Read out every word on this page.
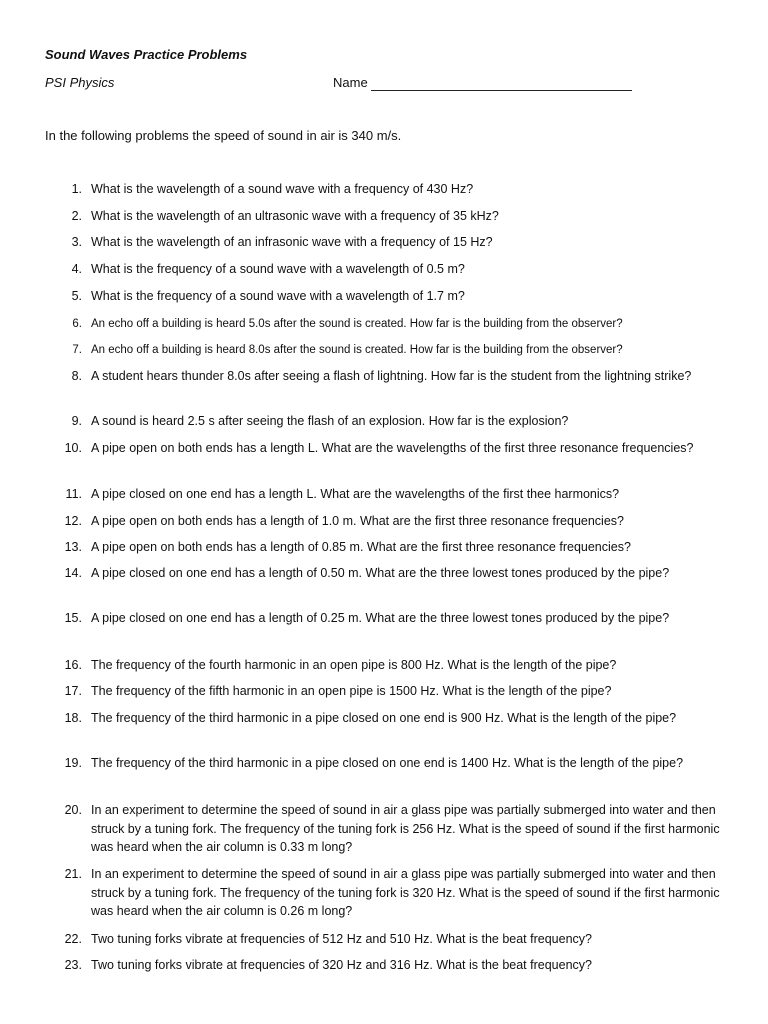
Sound Waves Practice Problems
PSI Physics	Name
In the following problems the speed of sound in air is 340 m/s.
1. What is the wavelength of a sound wave with a frequency of 430 Hz?
2. What is the wavelength of an ultrasonic wave with a frequency of 35 kHz?
3. What is the wavelength of an infrasonic wave with a frequency of 15 Hz?
4. What is the frequency of a sound wave with a wavelength of 0.5 m?
5. What is the frequency of a sound wave with a wavelength of 1.7 m?
6. An echo off a building is heard 5.0s after the sound is created. How far is the building from the observer?
7. An echo off a building is heard 8.0s after the sound is created. How far is the building from the observer?
8. A student hears thunder 8.0s after seeing a flash of lightning. How far is the student from the lightning strike?
9. A sound is heard 2.5 s after seeing the flash of an explosion. How far is the explosion?
10. A pipe open on both ends has a length L. What are the wavelengths of the first three resonance frequencies?
11. A pipe closed on one end has a length L. What are the wavelengths of the first thee harmonics?
12. A pipe open on both ends has a length of 1.0 m. What are the first three resonance frequencies?
13. A pipe open on both ends has a length of 0.85 m. What are the first three resonance frequencies?
14. A pipe closed on one end has a length of 0.50 m. What are the three lowest tones produced by the pipe?
15. A pipe closed on one end has a length of 0.25 m. What are the three lowest tones produced by the pipe?
16. The frequency of the fourth harmonic in an open pipe is 800 Hz. What is the length of the pipe?
17. The frequency of the fifth harmonic in an open pipe is 1500 Hz. What is the length of the pipe?
18. The frequency of the third harmonic in a pipe closed on one end is 900 Hz. What is the length of the pipe?
19. The frequency of the third harmonic in a pipe closed on one end is 1400 Hz. What is the length of the pipe?
20. In an experiment to determine the speed of sound in air a glass pipe was partially submerged into water and then struck by a tuning fork. The frequency of the tuning fork is 256 Hz. What is the speed of sound if the first harmonic was heard when the air column is 0.33 m long?
21. In an experiment to determine the speed of sound in air a glass pipe was partially submerged into water and then struck by a tuning fork. The frequency of the tuning fork is 320 Hz. What is the speed of sound if the first harmonic was heard when the air column is 0.26 m long?
22. Two tuning forks vibrate at frequencies of 512 Hz and 510 Hz. What is the beat frequency?
23. Two tuning forks vibrate at frequencies of 320 Hz and 316 Hz. What is the beat frequency?
